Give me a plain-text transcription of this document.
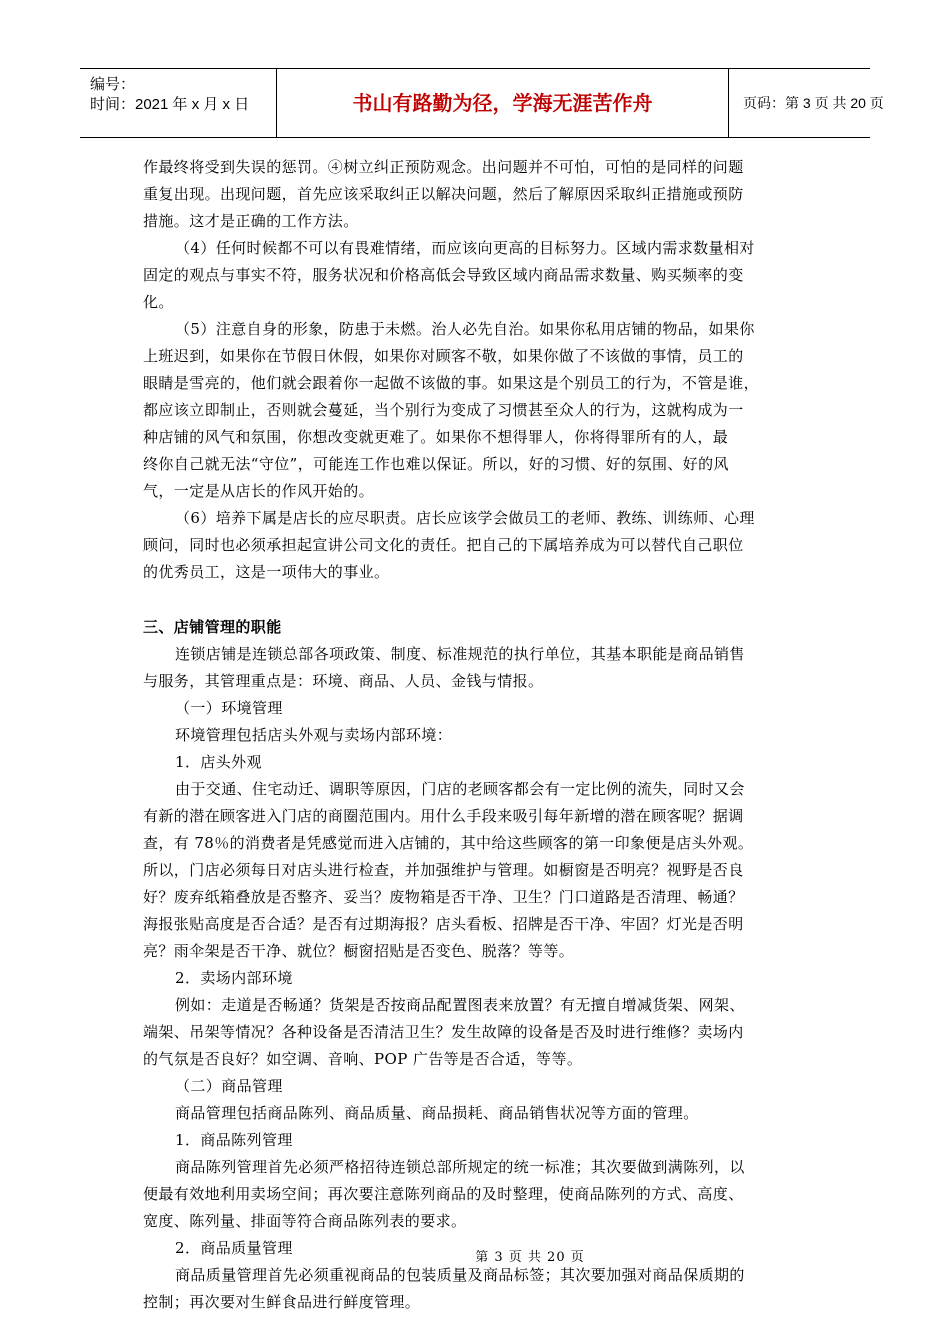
编号：
时间：2021 年 x 月 x 日	书山有路勤为径，学海无涯苦作舟	页码：第 3 页 共 20 页
作最终将受到失误的惩罚。④树立纠正预防观念。出问题并不可怕，可怕的是同样的问题
重复出现。出现问题，首先应该采取纠正以解决问题，然后了解原因采取纠正措施或预防
措施。这才是正确的工作方法。
（4）任何时候都不可以有畏难情绪，而应该向更高的目标努力。区域内需求数量相对
固定的观点与事实不符，服务状况和价格高低会导致区域内商品需求数量、购买频率的变
化。
（5）注意自身的形象，防患于未燃。治人必先自治。如果你私用店铺的物品，如果你
上班迟到，如果你在节假日休假，如果你对顾客不敬，如果你做了不该做的事情，员工的
眼睛是雪亮的，他们就会跟着你一起做不该做的事。如果这是个别员工的行为，不管是谁，
都应该立即制止，否则就会蔓延，当个别行为变成了习惯甚至众人的行为，这就构成为一
种店铺的风气和氛围，你想改变就更难了。如果你不想得罪人，你将得罪所有的人，最
终你自己就无法“守位”，可能连工作也难以保证。所以，好的习惯、好的氛围、好的风
气，一定是从店长的作风开始的。
（6）培养下属是店长的应尽职责。店长应该学会做员工的老师、教练、训练师、心理
顾问，同时也必须承担起宣讲公司文化的责任。把自己的下属培养成为可以替代自己职位
的优秀员工，这是一项伟大的事业。
三、店铺管理的职能
连锁店铺是连锁总部各项政策、制度、标准规范的执行单位，其基本职能是商品销售
与服务，其管理重点是：环境、商品、人员、金钱与情报。
（一）环境管理
环境管理包括店头外观与卖场内部环境：
1．店头外观
由于交通、住宅动迁、调职等原因，门店的老顾客都会有一定比例的流失，同时又会
有新的潜在顾客进入门店的商圈范围内。用什么手段来吸引每年新增的潜在顾客呢？据调
查，有 78％的消费者是凭感觉而进入店铺的，其中给这些顾客的第一印象便是店头外观。
所以，门店必须每日对店头进行检查，并加强维护与管理。如橱窗是否明亮？视野是否良
好？废弃纸箱叠放是否整齐、妥当？废物箱是否干净、卫生？门口道路是否清理、畅通？
海报张贴高度是否合适？是否有过期海报？店头看板、招牌是否干净、牢固？灯光是否明
亮？雨伞架是否干净、就位？橱窗招贴是否变色、脱落？等等。
2．卖场内部环境
例如：走道是否畅通？货架是否按商品配置图表来放置？有无擅自增减货架、网架、
端架、吊架等情况？各种设备是否清洁卫生？发生故障的设备是否及时进行维修？卖场内
的气氛是否良好？如空调、音响、POP 广告等是否合适，等等。
（二）商品管理
商品管理包括商品陈列、商品质量、商品损耗、商品销售状况等方面的管理。
1．商品陈列管理
商品陈列管理首先必须严格招待连锁总部所规定的统一标准；其次要做到满陈列，以
便最有效地利用卖场空间；再次要注意陈列商品的及时整理，使商品陈列的方式、高度、
宽度、陈列量、排面等符合商品陈列表的要求。
2．商品质量管理
商品质量管理首先必须重视商品的包装质量及商品标签；其次要加强对商品保质期的
控制；再次要对生鲜食品进行鲜度管理。
第 3 页 共 20 页
